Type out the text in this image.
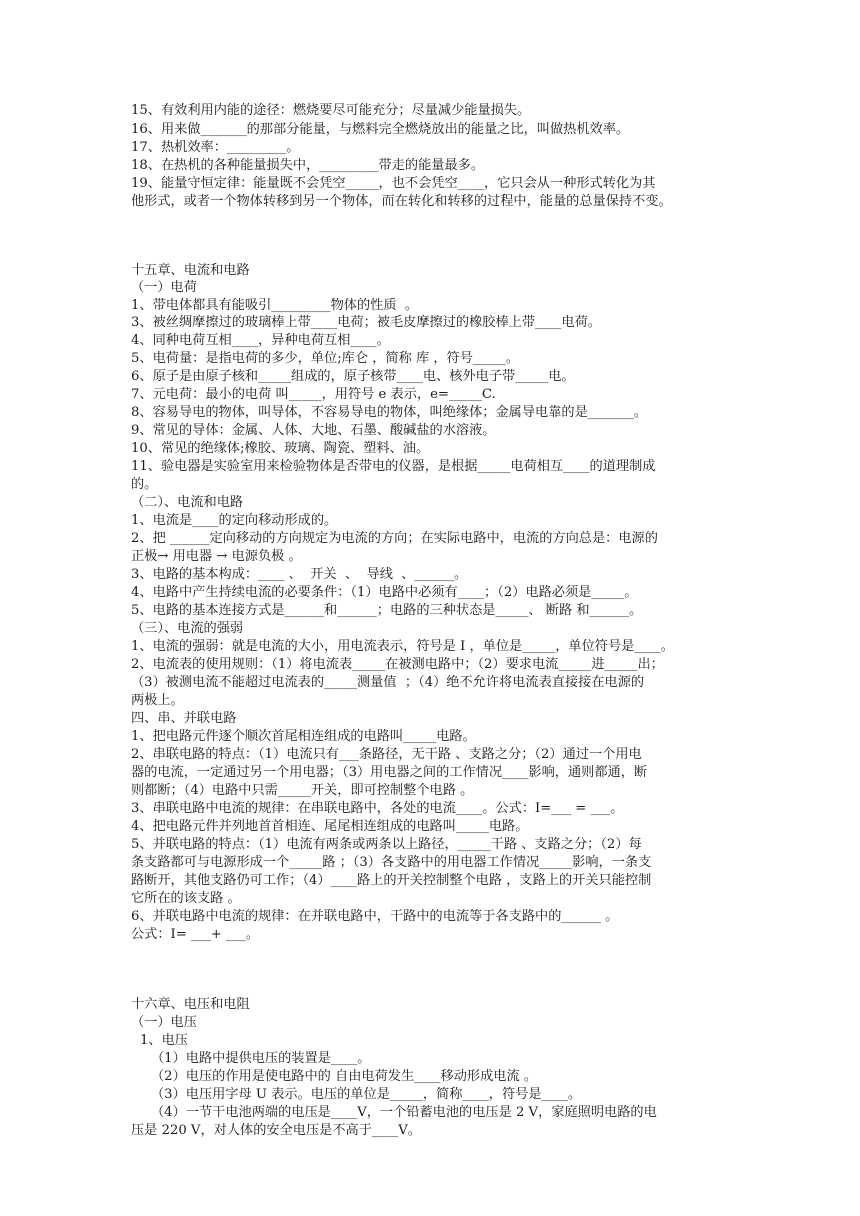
15、有效利用内能的途径：燃烧要尽可能充分；尽量减少能量损失。
16、用来做_______的那部分能量，与燃料完全燃烧放出的能量之比，叫做热机效率。
17、热机效率：_________。
18、在热机的各种能量损失中，_________带走的能量最多。
19、能量守恒定律：能量既不会凭空_____，也不会凭空____，它只会从一种形式转化为其
他形式，或者一个物体转移到另一个物体，而在转化和转移的过程中，能量的总量保持不变。
十五章、电流和电路
（一）电荷
1、带电体都具有能吸引_________物体的性质  。
3、被丝绸摩擦过的玻璃棒上带____电荷；被毛皮摩擦过的橡胶棒上带____电荷。
4、同种电荷互相____，异种电荷互相____。
5、电荷量：是指电荷的多少，单位;库仑 ，简称 库 ，符号_____。
6、原子是由原子核和_____组成的，原子核带____电、核外电子带_____电。
7、元电荷：最小的电荷 叫_____，用符号 e 表示，e=_____C.
8、容易导电的物体，叫导体，不容易导电的物体，叫绝缘体；金属导电靠的是_______。
9、常见的导体：金属、人体、大地、石墨、酸碱盐的水溶液。
10、常见的绝缘体;橡胶、玻璃、陶瓷、塑料、油。
11、验电器是实验室用来检验物体是否带电的仪器，是根据_____电荷相互____的道理制成
的。
（二）、电流和电路
1、电流是____的定向移动形成的。
2、把 ______定向移动的方向规定为电流的方向；在实际电路中，电流的方向总是：电源的
正极→ 用电器 → 电源负极 。
3、电路的基本构成：____ 、  开关  、  导线  、______。
4、电路中产生持续电流的必要条件：（1）电路中必须有____；（2）电路必须是_____。
5、电路的基本连接方式是______和______；电路的三种状态是_____、 断路 和______。
（三）、电流的强弱
1、电流的强弱：就是电流的大小，用电流表示，符号是 I ，单位是_____，单位符号是____。
2、电流表的使用规则：（1）将电流表_____在被测电路中；（2）要求电流_____进_____出；
（3）被测电流不能超过电流表的_____测量值  ；（4）绝不允许将电流表直接接在电源的
两极上。
四、串、并联电路
1、把电路元件逐个顺次首尾相连组成的电路叫_____电路。
2、串联电路的特点：（1）电流只有___条路径，无干路 、支路之分；（2）通过一个用电
器的电流，一定通过另一个用电器；（3）用电器之间的工作情况____影响，通则都通，断
则都断；（4）电路中只需_____开关，即可控制整个电路 。
3、串联电路中电流的规律：在串联电路中，各处的电流____。公式：I=___ = ___。
4、把电路元件并列地首首相连、尾尾相连组成的电路叫_____电路。
5、并联电路的特点：（1）电流有两条或两条以上路径，_____干路 、支路之分；（2）每
条支路都可与电源形成一个_____路 ；（3）各支路中的用电器工作情况_____影响，一条支
路断开，其他支路仍可工作；（4）____路上的开关控制整个电路 ，支路上的开关只能控制
它所在的该支路 。
6、并联电路中电流的规律：在并联电路中，干路中的电流等于各支路中的______ 。
公式：I= ___+ ___。
十六章、电压和电阻
（一）电压
1、电压
（1）电路中提供电压的装置是____。
（2）电压的作用是使电路中的 自由电荷发生____移动形成电流 。
（3）电压用字母 U 表示。电压的单位是_____，简称____，符号是____。
（4）一节干电池两端的电压是____V，一个铅蓄电池的电压是 2 V，家庭照明电路的电
压是 220 V，对人体的安全电压是不高于____V。
